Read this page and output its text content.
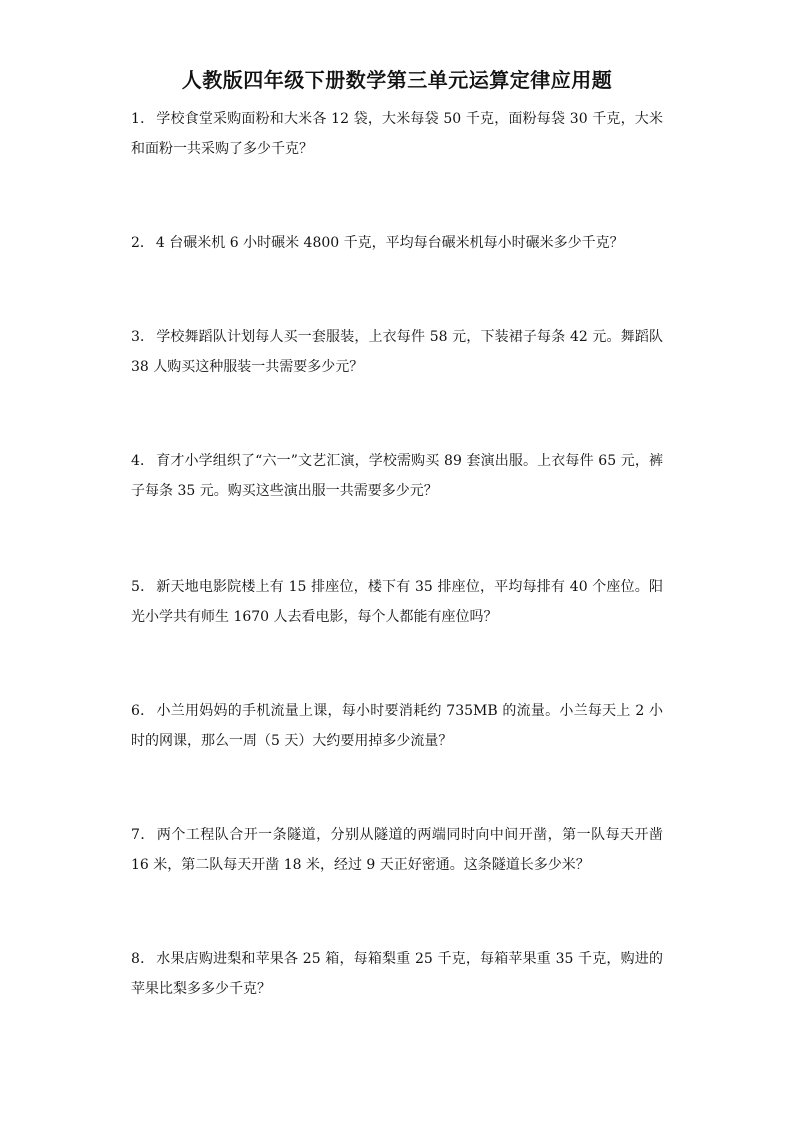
人教版四年级下册数学第三单元运算定律应用题
1． 学校食堂采购面粉和大米各 12 袋，大米每袋 50 千克，面粉每袋 30 千克，大米和面粉一共采购了多少千克？
2． 4 台碾米机 6 小时碾米 4800 千克，平均每台碾米机每小时碾米多少千克？
3． 学校舞蹈队计划每人买一套服装，上衣每件 58 元，下装裙子每条 42 元。舞蹈队 38 人购买这种服装一共需要多少元？
4． 育才小学组织了“六一”文艺汇演，学校需购买 89 套演出服。上衣每件 65 元，裤子每条 35 元。购买这些演出服一共需要多少元？
5． 新天地电影院楼上有 15 排座位，楼下有 35 排座位，平均每排有 40 个座位。阳光小学共有师生 1670 人去看电影，每个人都能有座位吗？
6． 小兰用妈妈的手机流量上课，每小时要消耗约 735MB 的流量。小兰每天上 2 小时的网课，那么一周（5 天）大约要用掉多少流量？
7． 两个工程队合开一条隧道，分别从隧道的两端同时向中间开凿，第一队每天开凿 16 米，第二队每天开凿 18 米，经过 9 天正好密通。这条隧道长多少米？
8． 水果店购进梨和苹果各 25 箱，每箱梨重 25 千克，每箱苹果重 35 千克，购进的苹果比梨多多少千克？
